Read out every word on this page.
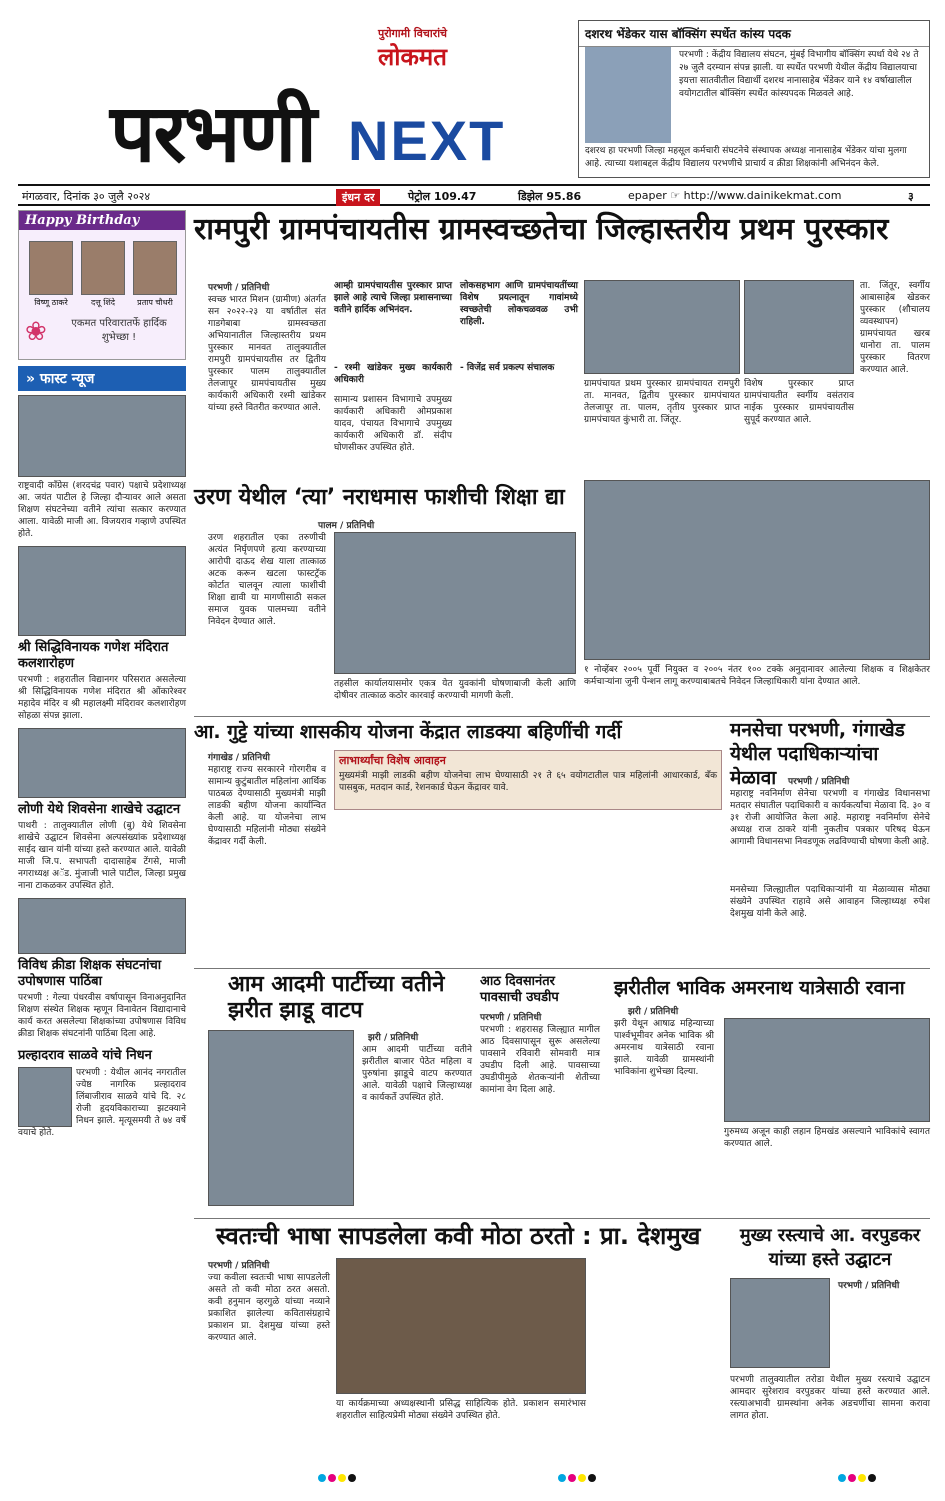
पुरोगामी विचारांचे
लोकमत
परभणी NEXT
दशरथ भेंडेकर यास बॉक्सिंग स्पर्धेत कांस्य पदक
परभणी : केंद्रीय विद्यालय संघटन, मुंबई विभागीय बॉक्सिंग स्पर्धा येथे २४ ते २७ जुलै दरम्यान संपन्न झाली. या स्पर्धेत परभणी येथील केंद्रीय विद्यालयाचा इयत्ता सातवीतील विद्यार्थी दशरथ नानासाहेब भेंडेकर याने १४ वर्षाखालील वयोगटातील बॉक्सिंग स्पर्धेत कांस्यपदक मिळवले आहे.
दशरथ हा परभणी जिल्हा महसूल कर्मचारी संघटनेचे संस्थापक अध्यक्ष नानासाहेब भेंडेकर यांचा मुलगा आहे. त्याच्या यशाबद्दल केंद्रीय विद्यालय परभणीचे प्राचार्य व क्रीडा शिक्षकांनी अभिनंदन केले.
मंगळवार, दिनांक ३० जुलै २०२४	इंधन दर	पेट्रोल 109.47	डिझेल 95.86	epaper ☞ http://www.dainikekmat.com	३
Happy Birthday
विष्णू ठाकरे	दत्तू शिंदे	प्रताप चौधरी
❀	एकमत परिवारातर्फे हार्दिक शुभेच्छा !
» फास्ट न्यूज
राष्ट्रवादी काँग्रेस (शरदचंद्र पवार) पक्षाचे प्रदेशाध्यक्ष आ. जयंत पाटील हे जिल्हा दौऱ्यावर आले असता शिक्षण संघटनेच्या वतीने त्यांचा सत्कार करण्यात आला. यावेळी माजी आ. विजयराव गव्हाणे उपस्थित होते.
श्री सिद्धिविनायक गणेश मंदिरात कलशारोहण
परभणी : शहरातील विद्यानगर परिसरात असलेल्या श्री सिद्धिविनायक गणेश मंदिरात श्री ओंकारेश्वर महादेव मंदिर व श्री महालक्ष्मी मंदिरावर कलशारोहण सोहळा संपन्न झाला.
लोणी येथे शिवसेना शाखेचे उद्घाटन
पाथरी : तालुक्यातील लोणी (बु) येथे शिवसेना शाखेचे उद्घाटन शिवसेना अल्पसंख्यांक प्रदेशाध्यक्ष साईद खान यांनी यांच्या हस्ते करण्यात आले. यावेळी माजी जि.प. सभापती दादासाहेब टेंगसे, माजी नगराध्यक्ष अॅड. मुंजाजी भाले पाटील, जिल्हा प्रमुख नाना टाकळकर उपस्थित होते.
विविध क्रीडा शिक्षक संघटनांचा उपोषणास पाठिंबा
परभणी : गेल्या पंधरवीस वर्षापासून विनाअनुदानित शिक्षण संस्थेत शिक्षक म्हणून विनावेतन विद्यादानाचे कार्य करत असलेल्या शिक्षकांच्या उपोषणास विविध क्रीडा शिक्षक संघटनांनी पाठिंबा दिला आहे.
प्रल्हादराव साळवे यांचे निधन
परभणी : येथील आनंद नगरातील ज्येष्ठ नागरिक प्रल्हादराव लिंबाजीराव साळवे यांचे दि. २८ रोजी हृदयविकाराच्या झटक्याने निधन झाले. मृत्यूसमयी ते ७४ वर्षे वयाचे होते.
रामपुरी ग्रामपंचायतीस ग्रामस्वच्छतेचा जिल्हास्तरीय प्रथम पुरस्कार
परभणी / प्रतिनिधी
स्वच्छ भारत मिशन (ग्रामीण) अंतर्गत सन २०२२-२३ या वर्षातील संत गाडगेबाबा ग्रामस्वच्छता अभियानातील जिल्हास्तरीय प्रथम पुरस्कार मानवत तालुक्यातील रामपुरी ग्रामपंचायतीस तर द्वितीय पुरस्कार पालम तालुक्यातील तेलजापूर ग्रामपंचायतीस मुख्य कार्यकारी अधिकारी रश्मी खांडेकर यांच्या हस्ते वितरीत करण्यात आले.
आम्ही ग्रामपंचायतीस पुरस्कार प्राप्त झाले आहे त्याचे जिल्हा प्रशासनाच्या वतीने हार्दिक अभिनंदन.
- रश्मी खांडेकर मुख्य कार्यकारी अधिकारी
सामान्य प्रशासन विभागाचे उपमुख्य कार्यकारी अधिकारी ओमप्रकाश यादव, पंचायत विभागाचे उपमुख्य कार्यकारी अधिकारी डॉ. संदीप घोणसीकर उपस्थित होते.
लोकसहभाग आणि ग्रामपंचायतींच्या विशेष प्रयत्नातून गावांमध्ये स्वच्छतेची लोकचळवळ उभी राहिली.
- विजेंद्र सर्व प्रकल्प संचालक
ग्रामपंचायत प्रथम पुरस्कार ग्रामपंचायत रामपुरी ता. मानवत, द्वितीय पुरस्कार ग्रामपंचायत तेलजापूर ता. पालम, तृतीय पुरस्कार प्राप्त ग्रामपंचायत कुंभारी ता. जिंतूर.
विशेष पुरस्कार प्राप्त ग्रामपंचायतीत स्वर्गीय वसंतराव नाईक पुरस्कार ग्रामपंचायतीस सुपूर्द करण्यात आले.
ता. जिंतूर, स्वर्गीय आबासाहेब खेडकर पुरस्कार (शौचालय व्यवस्थापन) ग्रामपंचायत खरब धानोरा ता. पालम पुरस्कार वितरण करण्यात आले.
उरण येथील ‘त्या’ नराधमास फाशीची शिक्षा द्या
पालम / प्रतिनिधी
उरण शहरातील एका तरुणीची अत्यंत निर्घृणपणे हत्या करण्याच्या आरोपी दाऊद शेख याला तात्काळ अटक करून खटला फास्टट्रॅक कोर्टात चालवून त्याला फाशीची शिक्षा द्यावी या मागणीसाठी सकल समाज युवक पालमच्या वतीने निवेदन देण्यात आले.
तहसील कार्यालयासमोर एकत्र येत युवकांनी घोषणाबाजी केली आणि दोषीवर तात्काळ कठोर कारवाई करण्याची मागणी केली.
१ नोव्हेंबर २००५ पूर्वी नियुक्त व २००५ नंतर १०० टक्के अनुदानावर आलेल्या शिक्षक व शिक्षकेतर कर्मचाऱ्यांना जुनी पेन्शन लागू करण्याबाबतचे निवेदन जिल्हाधिकारी यांना देण्यात आले.
आ. गुट्टे यांच्या शासकीय योजना केंद्रात लाडक्या बहिणींची गर्दी
गंगाखेड / प्रतिनिधी
महाराष्ट्र राज्य सरकारने गोरगरीब व सामान्य कुटुंबातील महिलांना आर्थिक पाठबळ देण्यासाठी मुख्यमंत्री माझी लाडकी बहीण योजना कार्यान्वित केली आहे. या योजनेचा लाभ घेण्यासाठी महिलांनी मोठ्या संख्येने केंद्रावर गर्दी केली.
लाभार्थ्यांचा विशेष आवाहन
मुख्यमंत्री माझी लाडकी बहीण योजनेचा लाभ घेण्यासाठी २१ ते ६५ वयोगटातील पात्र महिलांनी आधारकार्ड, बँक पासबुक, मतदान कार्ड, रेशनकार्ड घेऊन केंद्रावर यावे.
मनसेचा परभणी, गंगाखेड येथील पदाधिकाऱ्यांचा मेळावा	परभणी / प्रतिनिधी
महाराष्ट्र नवनिर्माण सेनेचा परभणी व गंगाखेड विधानसभा मतदार संघातील पदाधिकारी व कार्यकर्त्यांचा मेळावा दि. ३० व ३१ रोजी आयोजित केला आहे. महाराष्ट्र नवनिर्माण सेनेचे अध्यक्ष राज ठाकरे यांनी नुकतीच पत्रकार परिषद घेऊन आगामी विधानसभा निवडणूक लढविण्याची घोषणा केली आहे.
मनसेच्या जिल्ह्यातील पदाधिकाऱ्यांनी या मेळाव्यास मोठ्या संख्येने उपस्थित राहावे असे आवाहन जिल्हाध्यक्ष रुपेश देशमुख यांनी केले आहे.
आम आदमी पार्टीच्या वतीने झरीत झाडू वाटप
झरी / प्रतिनिधी
आम आदमी पार्टीच्या वतीने झरीतील बाजार पेठेत महिला व पुरुषांना झाडूचे वाटप करण्यात आले. यावेळी पक्षाचे जिल्हाध्यक्ष व कार्यकर्ते उपस्थित होते.
आठ दिवसानंतर पावसाची उघडीप
परभणी / प्रतिनिधी
परभणी : शहरासह जिल्ह्यात मागील आठ दिवसापासून सुरू असलेल्या पावसाने रविवारी सोमवारी मात्र उघडीप दिली आहे. पावसाच्या उघडीपीमुळे शेतकऱ्यांनी शेतीच्या कामांना वेग दिला आहे.
झरीतील भाविक अमरनाथ यात्रेसाठी रवाना
झरी / प्रतिनिधी
झरी येथून आषाढ महिन्याच्या पार्श्वभूमीवर अनेक भाविक श्री अमरनाथ यात्रेसाठी रवाना झाले. यावेळी ग्रामस्थांनी भाविकांना शुभेच्छा दिल्या.
गुरुमध्य अजून काही लहान हिमखंड असल्याने भाविकांचे स्वागत करण्यात आले.
स्वतःची भाषा सापडलेला कवी मोठा ठरतो : प्रा. देशमुख
परभणी / प्रतिनिधी
ज्या कवीला स्वतःची भाषा सापडलेली असते तो कवी मोठा ठरत असतो. कवी हनुमान व्हरगुळे यांच्या नव्याने प्रकाशित झालेल्या कवितासंग्रहाचे प्रकाशन प्रा. देशमुख यांच्या हस्ते करण्यात आले.
या कार्यक्रमाच्या अध्यक्षस्थानी प्रसिद्ध साहित्यिक होते. प्रकाशन समारंभास शहरातील साहित्यप्रेमी मोठ्या संख्येने उपस्थित होते.
मुख्य रस्त्याचे आ. वरपुडकर यांच्या हस्ते उद्घाटन
परभणी / प्रतिनिधी
परभणी तालुक्यातील तरोडा येथील मुख्य रस्त्याचे उद्घाटन आमदार सुरेशराव वरपुडकर यांच्या हस्ते करण्यात आले. रस्त्याअभावी ग्रामस्थांना अनेक अडचणींचा सामना करावा लागत होता.
